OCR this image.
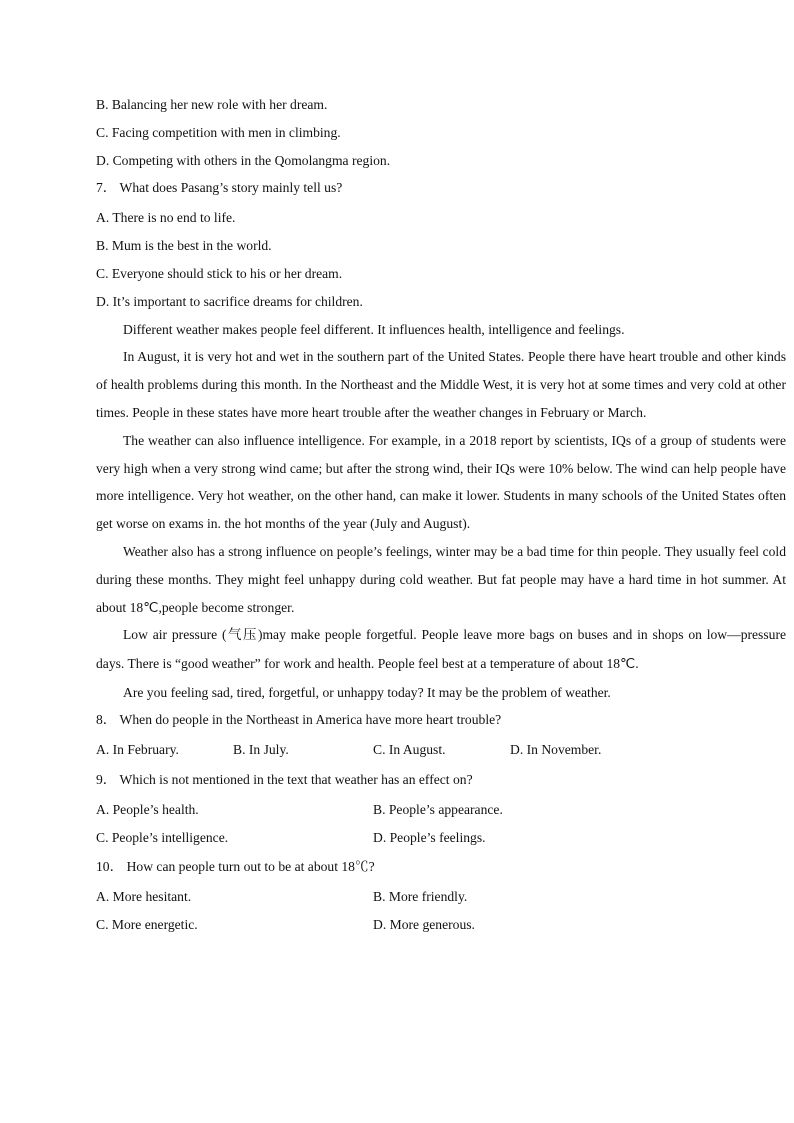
B. Balancing her new role with her dream.
C. Facing competition with men in climbing.
D. Competing with others in the Qomolangma region.
7． What does Pasang’s story mainly tell us?
A. There is no end to life.
B. Mum is the best in the world.
C. Everyone should stick to his or her dream.
D. It’s important to sacrifice dreams for children.

Different weather makes people feel different. It influences health, intelligence and feelings.

In August, it is very hot and wet in the southern part of the United States. People there have heart trouble and other kinds of health problems during this month. In the Northeast and the Middle West, it is very hot at some times and very cold at other times. People in these states have more heart trouble after the weather changes in February or March.

The weather can also influence intelligence. For example, in a 2018 report by scientists, IQs of a group of students were very high when a very strong wind came; but after the strong wind, their IQs were 10% below. The wind can help people have more intelligence. Very hot weather, on the other hand, can make it lower. Students in many schools of the United States often get worse on exams in. the hot months of the year (July and August).

Weather also has a strong influence on people’s feelings, winter may be a bad time for thin people. They usually feel cold during these months. They might feel unhappy during cold weather. But fat people may have a hard time in hot summer. At about 18℃,people become stronger.

Low air pressure (气压)may make people forgetful. People leave more bags on buses and in shops on low—pressure days. There is “good weather” for work and health. People feel best at a temperature of about 18℃.

Are you feeling sad, tired, forgetful, or unhappy today? It may be the problem of weather.

8． When do people in the Northeast in America have more heart trouble?
A. In February.	B. In July.	C. In August.	D. In November.
9． Which is not mentioned in the text that weather has an effect on?
A. People’s health.	B. People’s appearance.
C. People’s intelligence.	D. People’s feelings.
10． How can people turn out to be at about 18℃?
A. More hesitant.	B. More friendly.
C. More energetic.	D. More generous.
